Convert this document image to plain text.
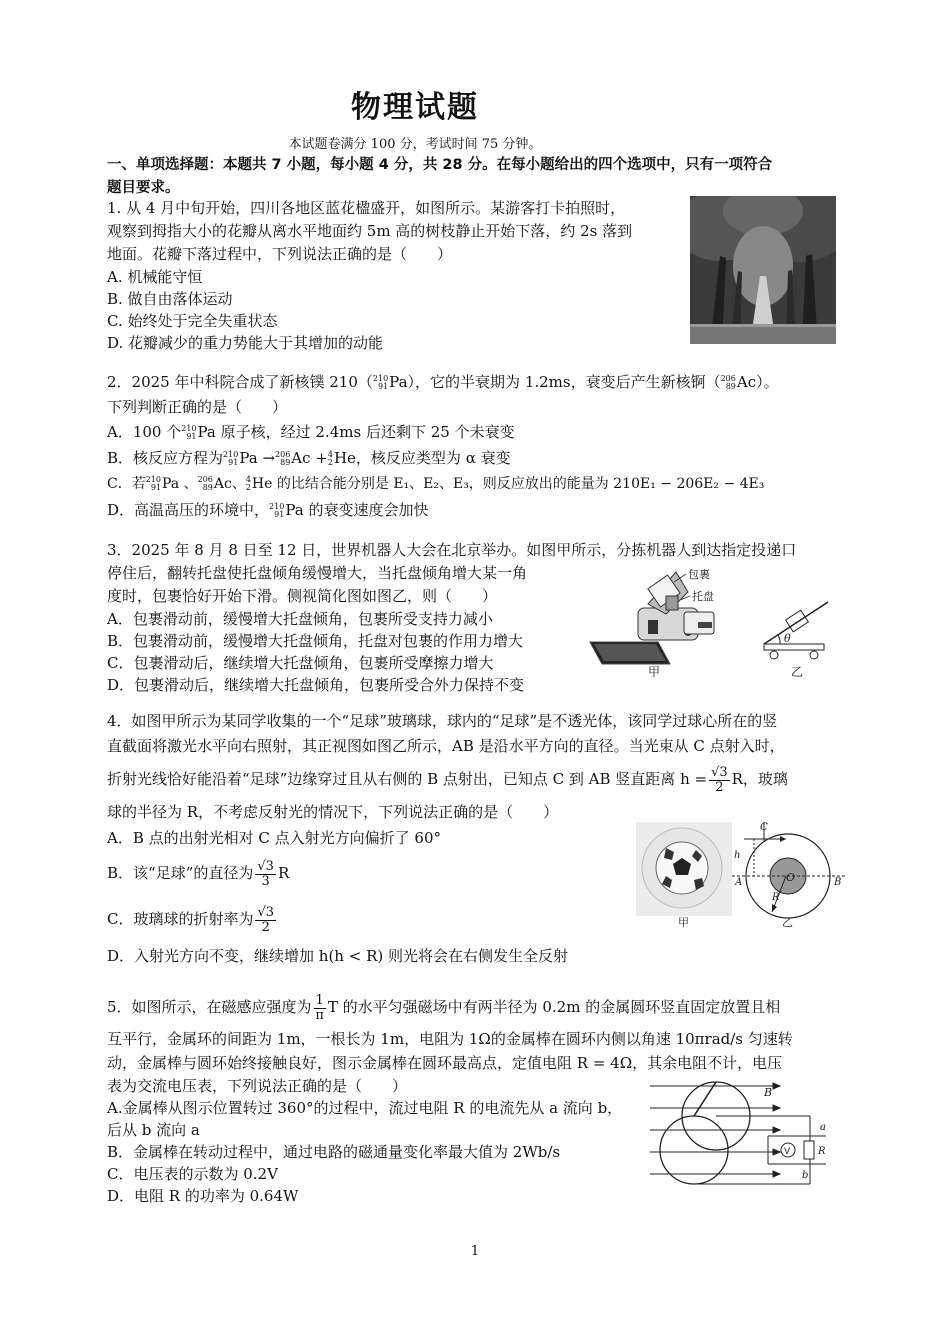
物理试题
本试题卷满分 100 分，考试时间 75 分钟。
一、单项选择题：本题共 7 小题，每小题 4 分，共 28 分。在每小题给出的四个选项中，只有一项符合
题目要求。
1. 从 4 月中旬开始，四川各地区蓝花楹盛开，如图所示。某游客打卡拍照时，
观察到拇指大小的花瓣从离水平地面约 5m 高的树枝静止开始下落，约 2s 落到
地面。花瓣下落过程中，下列说法正确的是（　　）
A. 机械能守恒
B. 做自由落体运动
C. 始终处于完全失重状态
D. 花瓣减少的重力势能大于其增加的动能
2．2025 年中科院合成了新核镤 210（210
91Pa），它的半衰期为 1.2ms，衰变后产生新核锕（206
89Ac）。
下列判断正确的是（　　）
A．100 个210
91Pa 原子核，经过 2.4ms 后还剩下 25 个未衰变
B．核反应方程为210
91Pa →206
89Ac +4
2He，核反应类型为 α 衰变
C．若210
91Pa 、206
89Ac、4
2He 的比结合能分别是 E₁、E₂、E₃，则反应放出的能量为 210E₁ − 206E₂ − 4E₃
D．高温高压的环境中，210
91Pa 的衰变速度会加快
3．2025 年 8 月 8 日至 12 日，世界机器人大会在北京举办。如图甲所示，分拣机器人到达指定投递口
停住后，翻转托盘使托盘倾角缓慢增大，当托盘倾角增大某一角
度时，包裹恰好开始下滑。侧视简化图如图乙，则（　　）
A．包裹滑动前，缓慢增大托盘倾角，包裹所受支持力减小
B．包裹滑动前，缓慢增大托盘倾角，托盘对包裹的作用力增大
C．包裹滑动后，继续增大托盘倾角，包裹所受摩擦力增大
D．包裹滑动后，继续增大托盘倾角，包裹所受合外力保持不变
包裹
托盘
甲
θ
乙
4．如图甲所示为某同学收集的一个“足球”玻璃球，球内的“足球”是不透光体，该同学过球心所在的竖
直截面将激光水平向右照射，其正视图如图乙所示，AB 是沿水平方向的直径。当光束从 C 点射入时，
折射光线恰好能沿着“足球”边缘穿过且从右侧的 B 点射出，已知点 C 到 AB 竖直距离 $h = \frac{√3}{2}$ R，玻璃
球的半径为 R，不考虑反射光的情况下，下列说法正确的是（　　）
A．B 点的出射光相对 C 点入射光方向偏折了 60°
B．该“足球”的直径为 $\frac{√3}{3}$ R
C．玻璃球的折射率为 $\frac{√3}{2}$
D．入射光方向不变，继续增加 h(h < R) 则光将会在右侧发生全反射
甲
C
h
A	O	B
R
乙
5．如图所示，在磁感应强度为 $\frac{1}{\pi}$ T 的水平匀强磁场中有两半径为 0.2m 的金属圆环竖直固定放置且相
互平行，金属环的间距为 1m，一根长为 1m，电阻为 1Ω的金属棒在圆环内侧以角速 10πrad/s 匀速转
动，金属棒与圆环始终接触良好，图示金属棒在圆环最高点，定值电阻 R = 4Ω，其余电阻不计，电压
表为交流电压表，下列说法正确的是（　　）
A.金属棒从图示位置转过 360°的过程中，流过电阻 R 的电流先从 a 流向 b，
后从 b 流向 a
B．金属棒在转动过程中，通过电路的磁通量变化率最大值为 2Wb/s
C．电压表的示数为 0.2V
D．电阻 R 的功率为 0.64W
V
B
a
R
b
1
